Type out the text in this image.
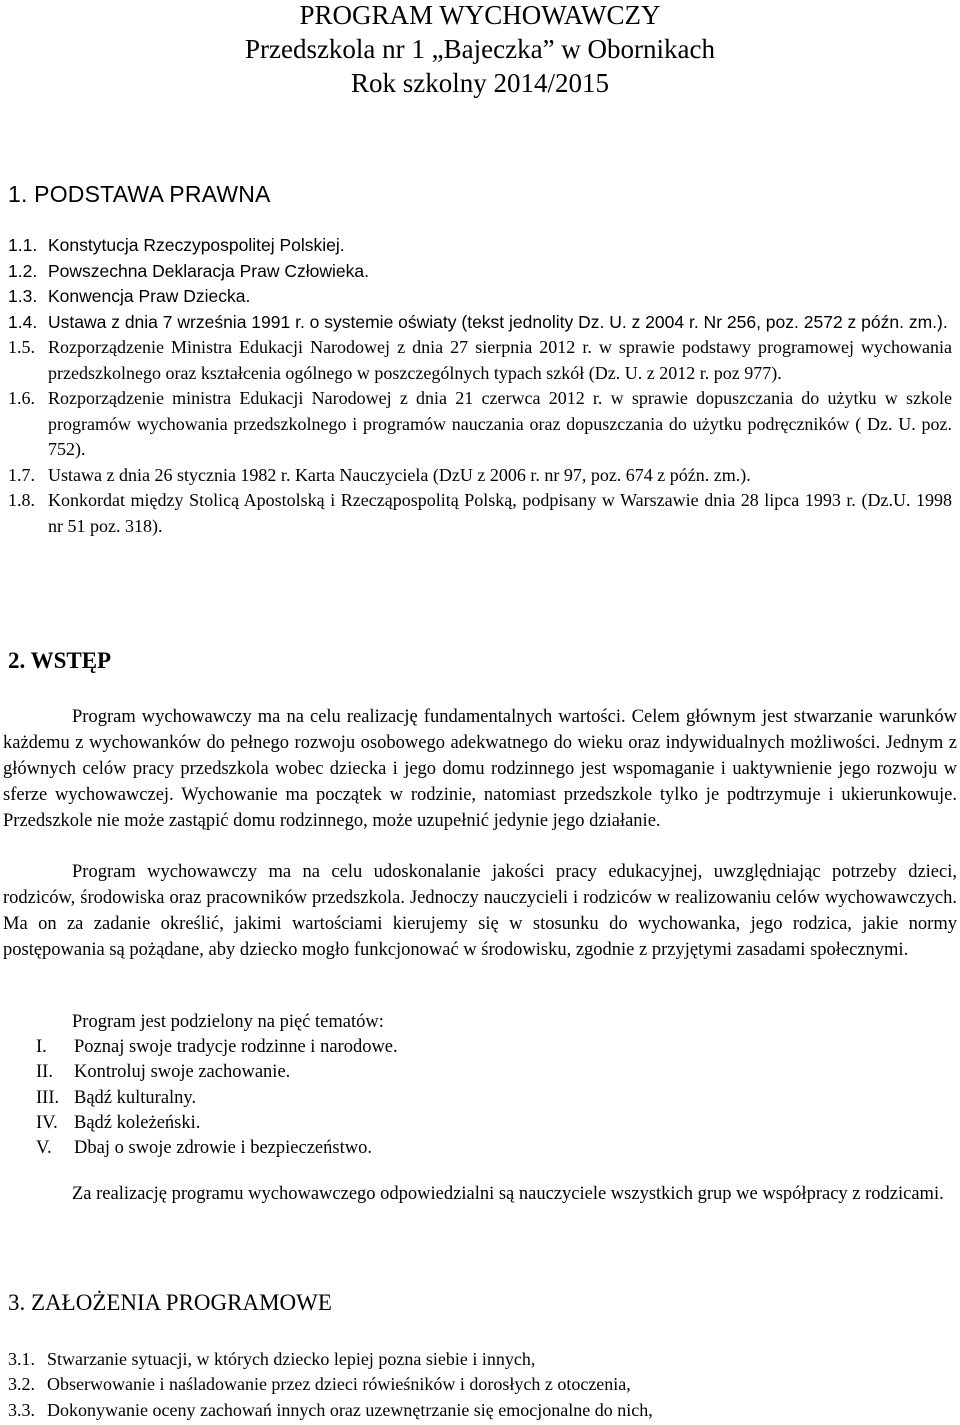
PROGRAM WYCHOWAWCZY
Przedszkola nr 1 „Bajeczka” w Obornikach
Rok szkolny 2014/2015
1. PODSTAWA PRAWNA
1.1. Konstytucja Rzeczypospolitej Polskiej.
1.2. Powszechna Deklaracja Praw Człowieka.
1.3. Konwencja Praw Dziecka.
1.4. Ustawa z dnia 7 września 1991 r. o systemie oświaty (tekst jednolity Dz. U. z 2004 r. Nr 256, poz. 2572 z późn. zm.).
1.5. Rozporządzenie Ministra Edukacji Narodowej z dnia 27 sierpnia 2012 r. w sprawie podstawy programowej wychowania przedszkolnego oraz kształcenia ogólnego w poszczególnych typach szkół (Dz. U. z 2012 r. poz 977).
1.6. Rozporządzenie ministra Edukacji Narodowej z dnia 21 czerwca 2012 r. w sprawie dopuszczania do użytku w szkole programów wychowania przedszkolnego i programów nauczania oraz dopuszczania do użytku podręczników ( Dz. U. poz. 752).
1.7. Ustawa z dnia 26 stycznia 1982 r. Karta Nauczyciela (DzU z 2006 r. nr 97, poz. 674 z późn. zm.).
1.8. Konkordat między Stolicą Apostolską i Rzecząpospolitą Polską, podpisany w Warszawie dnia 28 lipca 1993 r. (Dz.U. 1998 nr 51 poz. 318).
2. WSTĘP
Program wychowawczy ma na celu realizację fundamentalnych wartości. Celem głównym jest stwarzanie warunków każdemu z wychowanków do pełnego rozwoju osobowego adekwatnego do wieku oraz indywidualnych możliwości. Jednym z głównych celów pracy przedszkola wobec dziecka i jego domu rodzinnego jest wspomaganie i uaktywnienie jego rozwoju w sferze wychowawczej. Wychowanie ma początek w rodzinie, natomiast przedszkole tylko je podtrzymuje i ukierunkowuje. Przedszkole nie może zastąpić domu rodzinnego, może uzupełnić jedynie jego działanie.
Program wychowawczy ma na celu udoskonalanie jakości pracy edukacyjnej, uwzględniając potrzeby dzieci, rodziców, środowiska oraz pracowników przedszkola. Jednoczy nauczycieli i rodziców w realizowaniu celów wychowawczych. Ma on za zadanie określić, jakimi wartościami kierujemy się w stosunku do wychowanka, jego rodzica, jakie normy postępowania są pożądane, aby dziecko mogło funkcjonować w środowisku, zgodnie z przyjętymi zasadami społecznymi.
Program jest podzielony na pięć tematów:
I. Poznaj swoje tradycje rodzinne i narodowe.
II. Kontroluj swoje zachowanie.
III. Bądź kulturalny.
IV. Bądź koleżeński.
V. Dbaj o swoje zdrowie i bezpieczeństwo.
Za realizację programu wychowawczego odpowiedzialni są nauczyciele wszystkich grup we współpracy z rodzicami.
3. ZAŁOŻENIA PROGRAMOWE
3.1. Stwarzanie sytuacji, w których dziecko lepiej pozna siebie i innych,
3.2. Obserwowanie i naśladowanie przez dzieci rówieśników i dorosłych z otoczenia,
3.3. Dokonywanie oceny zachowań innych oraz uzewnętrzanie się emocjonalne do nich,
